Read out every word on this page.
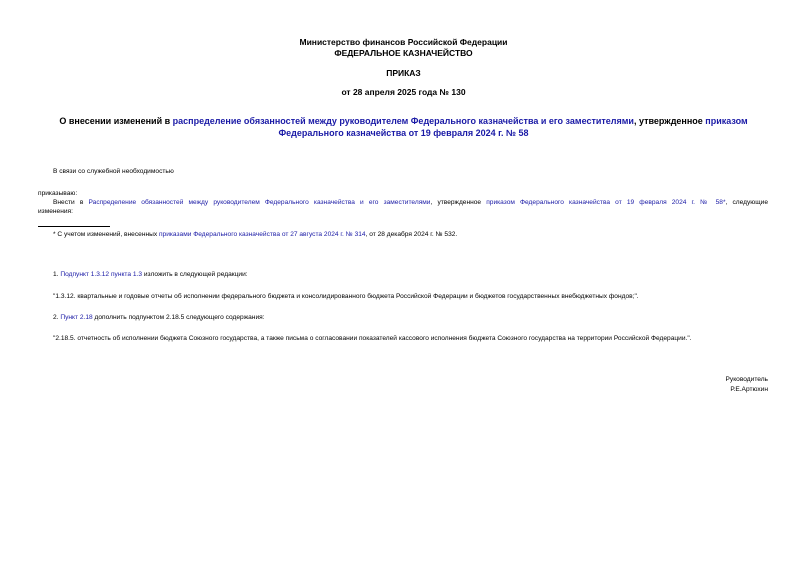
Министерство финансов Российской Федерации
ФЕДЕРАЛЬНОЕ КАЗНАЧЕЙСТВО
ПРИКАЗ
от 28 апреля 2025 года № 130
О внесении изменений в распределение обязанностей между руководителем Федерального казначейства и его заместителями, утвержденное приказом
Федерального казначейства от 19 февраля 2024 г. № 58
В связи со служебной необходимостью
приказываю:
Внести в Распределение обязанностей между руководителем Федерального казначейства и его заместителями, утвержденное приказом Федерального казначейства от 19 февраля 2024 г. № 58*, следующие
изменения:
* С учетом изменений, внесенных приказами Федерального казначейства от 27 августа 2024 г. № 314, от 28 декабря 2024 г. № 532.
1. Подпункт 1.3.12 пункта 1.3 изложить в следующей редакции:
"1.3.12. квартальные и годовые отчеты об исполнении федерального бюджета и консолидированного бюджета Российской Федерации и бюджетов государственных внебюджетных фондов;".
2. Пункт 2.18 дополнить подпунктом 2.18.5 следующего содержания:
"2.18.5. отчетность об исполнении бюджета Союзного государства, а также письма о согласовании показателей кассового исполнения бюджета Союзного государства на территории Российской Федерации.".
Руководитель
Р.Е.Артюхин
